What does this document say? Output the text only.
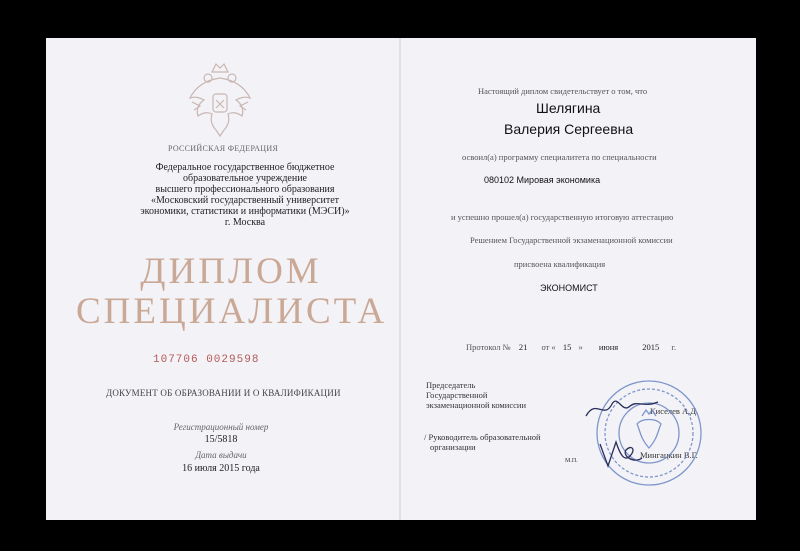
РОССИЙСКАЯ ФЕДЕРАЦИЯ
Федеральное государственное бюджетное
образовательное учреждение
высшего профессионального образования
«Московский государственный университет
экономики, статистики и информатики (МЭСИ)»
г. Москва
ДИПЛОМ
СПЕЦИАЛИСТА
107706 0029598
ДОКУМЕНТ ОБ ОБРАЗОВАНИИ И О КВАЛИФИКАЦИИ
Регистрационный номер
15/5818
Дата выдачи
16 июля 2015 года
Настоящий диплом свидетельствует о том, что
Шелягина
Валерия Сергеевна
освоил(а) программу специалитета по специальности
080102 Мировая экономика
и успешно прошел(а) государственную итоговую аттестацию
Решением Государственной экзаменационной комиссии
присвоена квалификация
ЭКОНОМИСТ
Протокол № 21 от « 15 » июня	2015 г.
Председатель
Государственной
экзаменационной комиссии
Киселев А.Д.
/ Руководитель образовательной
организации
Мингацкин В.Г.
М.П.
